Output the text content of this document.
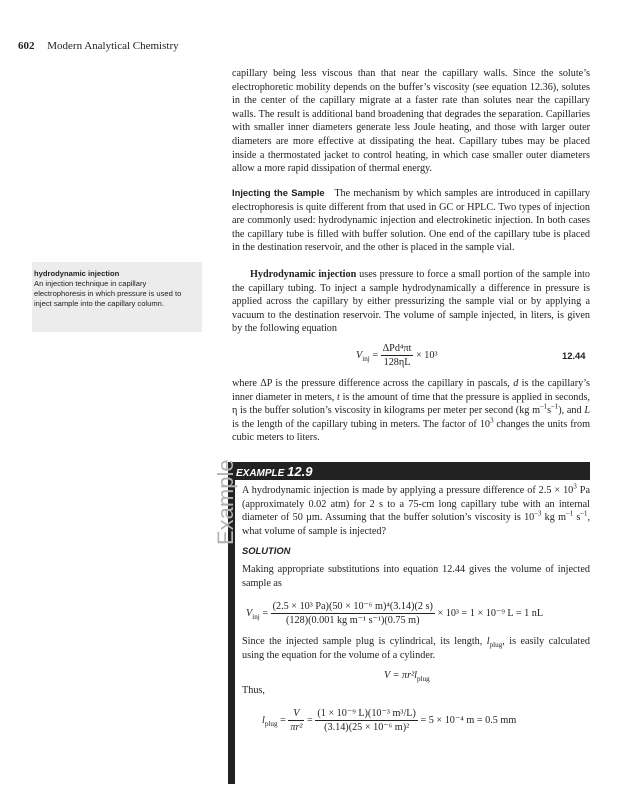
602 Modern Analytical Chemistry

capillary being less viscous than that near the capillary walls. Since the solute’s electrophoretic mobility depends on the buffer’s viscosity (see equation 12.36), solutes in the center of the capillary migrate at a faster rate than solutes near the capillary walls. The result is additional band broadening that degrades the separation. Capillaries with smaller inner diameters generate less Joule heating, and those with larger outer diameters are more effective at dissipating the heat. Capillary tubes may be placed inside a thermostated jacket to control heating, in which case smaller outer diameters allow a more rapid dissipation of thermal energy.

Injecting the Sample The mechanism by which samples are introduced in capillary electrophoresis is quite different from that used in GC or HPLC. Two types of injection are commonly used: hydrodynamic injection and electrokinetic injection. In both cases the capillary tube is filled with buffer solution. One end of the capillary tube is placed in the destination reservoir, and the other is placed in the sample vial.

Hydrodynamic injection uses pressure to force a small portion of the sample into the capillary tubing. To inject a sample hydrodynamically a difference in pressure is applied across the capillary by either pressurizing the sample vial or by applying a vacuum to the destination reservoir. The volume of sample injected, in liters, is given by the following equation

hydrodynamic injection
An injection technique in capillary electrophoresis in which pressure is used to inject sample into the capillary column.
$V_{inj} = \frac{\text{ΔPd⁴πt}}{128\eta L} \times 10^3$	12.44

where ΔP is the pressure difference across the capillary in pascals, d is the capillary’s inner diameter in meters, t is the amount of time that the pressure is applied in seconds, η is the buffer solution’s viscosity in kilograms per meter per second (kg $m^{-1}s^{-1}$), and L is the length of the capillary tubing in meters. The factor of $10^3$ changes the units from cubic meters to liters.

EXAMPLE 12.9
Example A hydrodynamic injection is made by applying a pressure difference of $2.5 \times 10^3$ Pa (approximately 0.02 atm) for 2 s to a 75-cm long capillary tube with an internal diameter of 50 µm. Assuming that the buffer solution’s viscosity is $10^{-3}$ kg $m^{-1}$ $s^{-1}$, what volume of sample is injected?

SOLUTION

Making appropriate substitutions into equation 12.44 gives the volume of injected sample as

$V_{inj} = \frac{\text{(2.5 × 10³ Pa)(50 × 10⁻⁶ m)⁴(3.14)(2 s)}}{\text{(128)(0.001 kg m⁻¹ s⁻¹)(0.75 m)}} \times 10^3 = 1 \times 10^{-9}$ L = 1 nL

Since the injected sample plug is cylindrical, its length, $l_{plug}$, is easily calculated using the equation for the volume of a cylinder.

$V = \pi r^2l_{plug}$
Thus,
$l_{plug} = \frac{V}{\text{πr²}} = \frac{\text{(1 × 10⁻⁹ L)(10⁻³ m³/L)}}{\text{(3.14)(25 × 10⁻⁶ m)²}} = 5 \times 10^{-4}$ m = 0.5 mm
